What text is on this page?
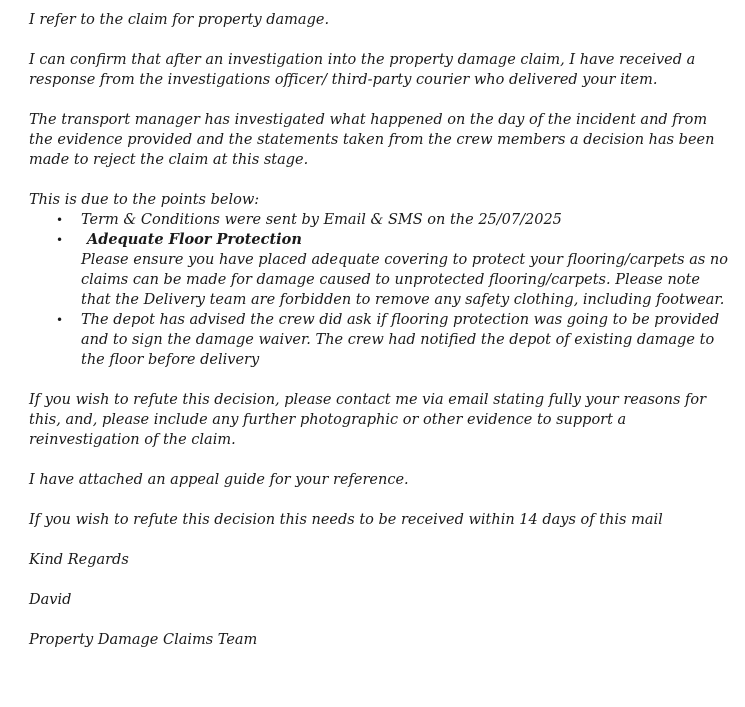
I refer to the claim for property damage.

I can confirm that after an investigation into the property damage claim, I have received a response from the investigations officer/ third-party courier who delivered your item.

The transport manager has investigated what happened on the day of the incident and from the evidence provided and the statements taken from the crew members a decision has been made to reject the claim at this stage.

This is due to the points below:

• Term & Conditions were sent by Email & SMS on the 25/07/2025
•	Adequate Floor Protection
Please ensure you have placed adequate covering to protect your flooring/carpets as no claims can be made for damage caused to unprotected flooring/carpets. Please note that the Delivery team are forbidden to remove any safety clothing, including footwear.
• The depot has advised the crew did ask if flooring protection was going to be provided and to sign the damage waiver. The crew had notified the depot of existing damage to the floor before delivery

If you wish to refute this decision, please contact me via email stating fully your reasons for this, and, please include any further photographic or other evidence to support a reinvestigation of the claim.

I have attached an appeal guide for your reference.

If you wish to refute this decision this needs to be received within 14 days of this mail

Kind Regards

David

Property Damage Claims Team
